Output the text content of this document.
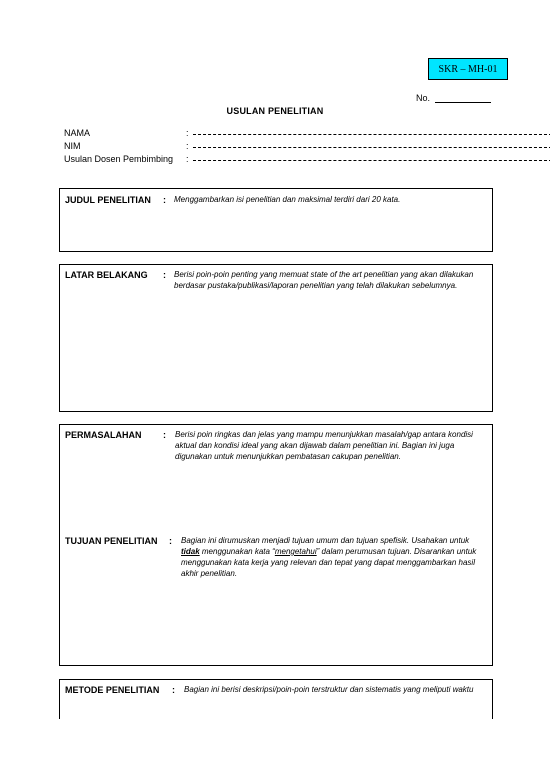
SKR – MH-01
No.
USULAN PENELITIAN
NAMA	:
NIM	:
Usulan Dosen Pembimbing	:
JUDUL PENELITIAN : Menggambarkan isi penelitian dan maksimal terdiri dari 20 kata.
LATAR BELAKANG : Berisi poin-poin penting yang memuat state of the art penelitian yang akan dilakukan
berdasar pustaka/publikasi/laporan penelitian yang telah dilakukan sebelumnya.
PERMASALAHAN : Berisi poin ringkas dan jelas yang mampu menunjukkan masalah/gap antara kondisi
aktual dan kondisi ideal yang akan dijawab dalam penelitian ini. Bagian ini juga
digunakan untuk menunjukkan pembatasan cakupan penelitian.
TUJUAN PENELITIAN : Bagian ini dirumuskan menjadi tujuan umum dan tujuan spefisik. Usahakan untuk
tidak menggunakan kata “mengetahui” dalam perumusan tujuan. Disarankan untuk
menggunakan kata kerja yang relevan dan tepat yang dapat menggambarkan hasil
akhir penelitian.
METODE PENELITIAN : Bagian ini berisi deskripsi/poin-poin terstruktur dan sistematis yang meliputi waktu
